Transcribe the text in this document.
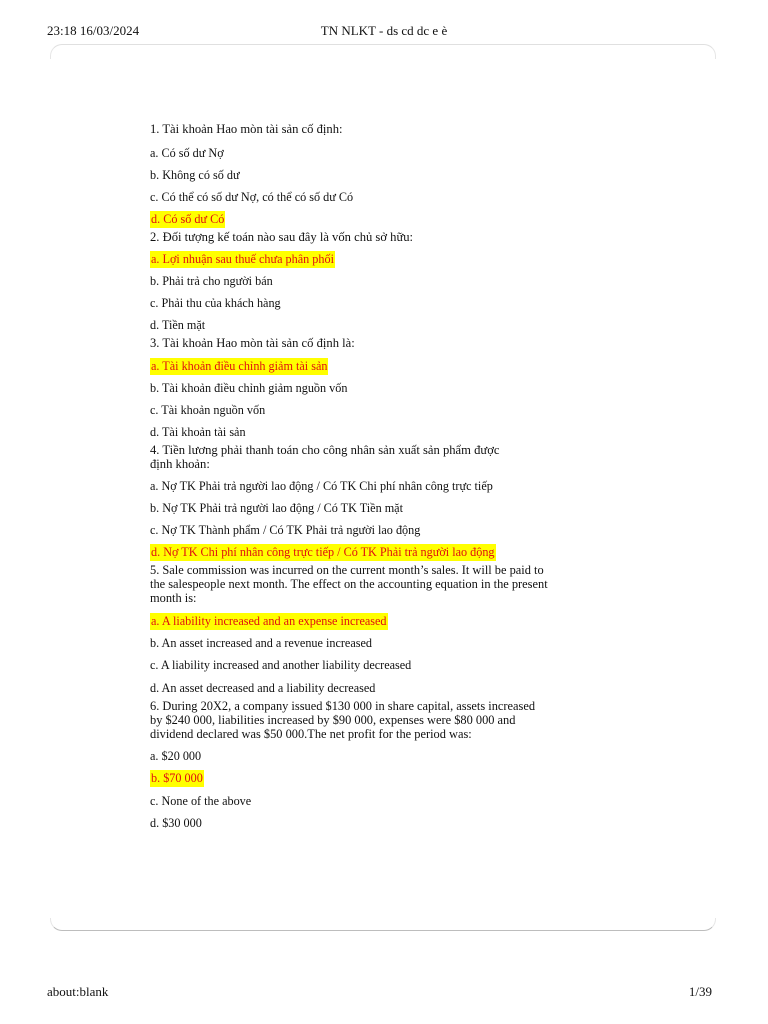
23:18 16/03/2024	TN NLKT - ds cd dc e è
1. Tài khoản Hao mòn tài sản cố định:
a. Có số dư Nợ
b. Không có số dư
c. Có thể có số dư Nợ, có thể có số dư Có
d. Có số dư Có
2. Đối tượng kế toán nào sau đây là vốn chủ sở hữu:
a. Lợi nhuận sau thuế chưa phân phối
b. Phải trả cho người bán
c. Phải thu của khách hàng
d. Tiền mặt
3. Tài khoản Hao mòn tài sản cố định là:
a. Tài khoản điều chỉnh giảm tài sản
b. Tài khoản điều chỉnh giảm nguồn vốn
c. Tài khoản nguồn vốn
d. Tài khoản tài sản
4. Tiền lương phải thanh toán cho công nhân sản xuất sản phẩm được
định khoản:
a. Nợ TK Phải trả người lao động / Có TK Chi phí nhân công trực tiếp
b. Nợ TK Phải trả người lao động / Có TK Tiền mặt
c. Nợ TK Thành phẩm / Có TK Phải trả người lao động
d. Nợ TK Chi phí nhân công trực tiếp / Có TK Phải trả người lao động
5. Sale commission was incurred on the current month’s sales. It will be paid to
the salespeople next month. The effect on the accounting equation in the present
month is:
a. A liability increased and an expense increased
b. An asset increased and a revenue increased
c. A liability increased and another liability decreased
d. An asset decreased and a liability decreased
6. During 20X2, a company issued $130 000 in share capital, assets increased
by $240 000, liabilities increased by $90 000, expenses were $80 000 and
dividend declared was $50 000.The net profit for the period was:
a. $20 000
b. $70 000
c. None of the above
d. $30 000
about:blank	1/39
